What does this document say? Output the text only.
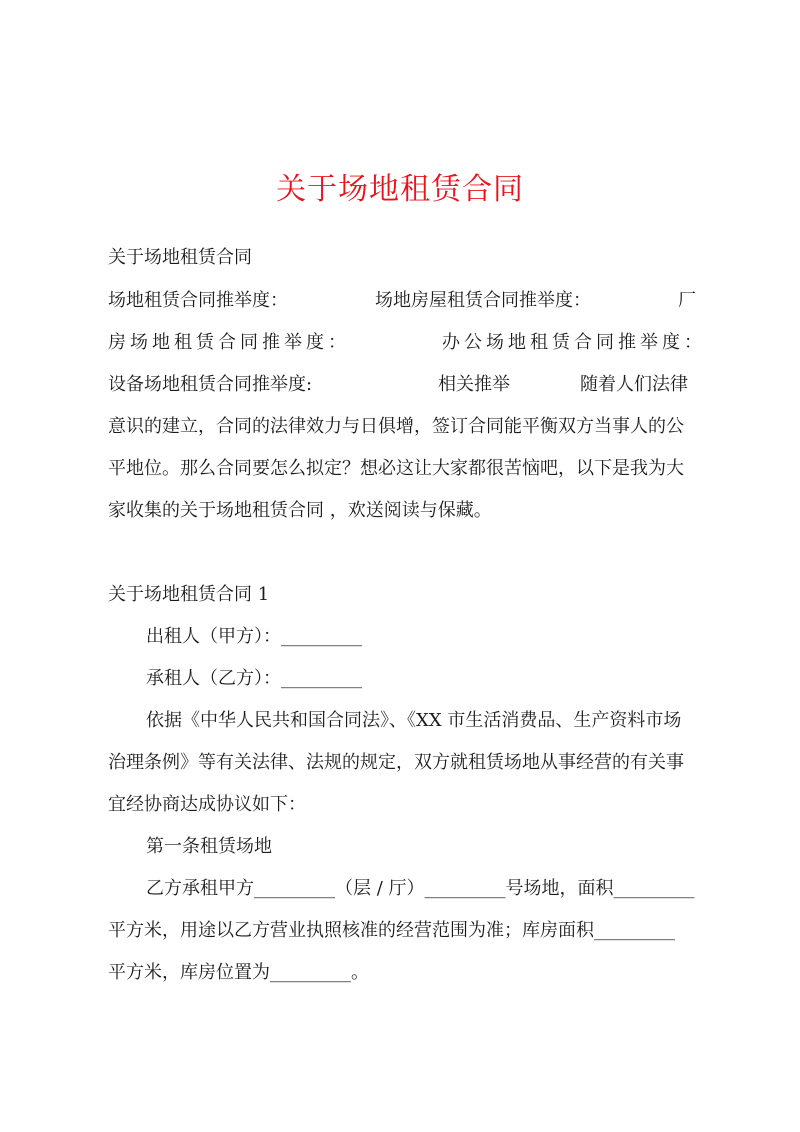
关于场地租赁合同
关于场地租赁合同
场地租赁合同推举度：	场地房屋租赁合同推举度：	厂
房场地租赁合同推举度：	办公场地租赁合同推举度：
设备场地租赁合同推举度:	相关推举	随着人们法律
意识的建立，合同的法律效力与日俱增，签订合同能平衡双方当事人的公
平地位。那么合同要怎么拟定？想必这让大家都很苦恼吧，以下是我为大
家收集的关于场地租赁合同 ，欢送阅读与保藏。
关于场地租赁合同 1
出租人（甲方）：_________
承租人（乙方）：_________
依据《中华人民共和国合同法》、《XX 市生活消费品、生产资料市场
治理条例》等有关法律、法规的规定，双方就租赁场地从事经营的有关事
宜经协商达成协议如下：
第一条租赁场地
乙方承租甲方_________（层 / 厅）_________号场地，面积_________
平方米，用途以乙方营业执照核准的经营范围为准；库房面积_________
平方米，库房位置为_________。
